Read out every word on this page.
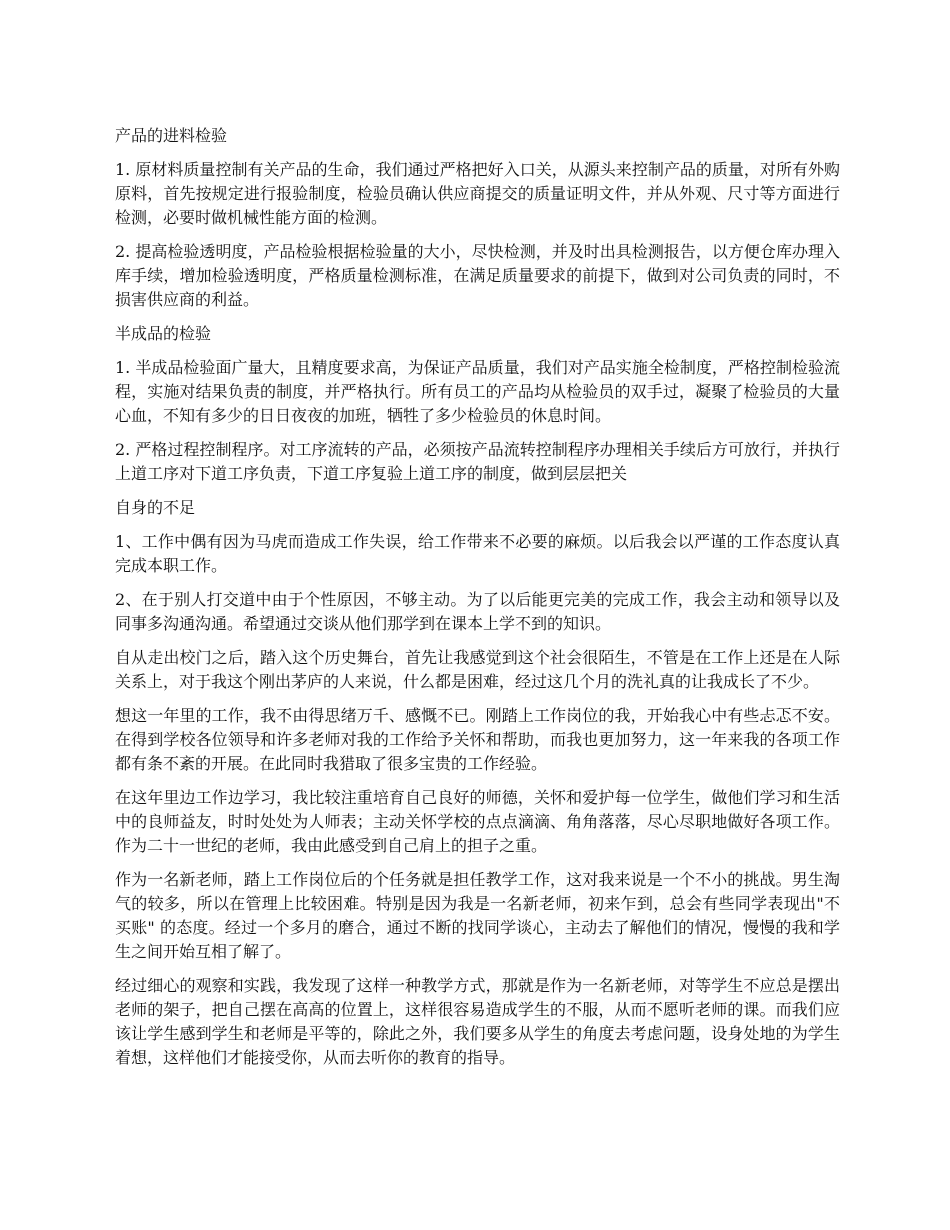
产品的进料检验

1. 原材料质量控制有关产品的生命，我们通过严格把好入口关，从源头来控制产品的质量，对所有外购原料，首先按规定进行报验制度，检验员确认供应商提交的质量证明文件，并从外观、尺寸等方面进行检测，必要时做机械性能方面的检测。

2. 提高检验透明度，产品检验根据检验量的大小，尽快检测，并及时出具检测报告，以方便仓库办理入库手续，增加检验透明度，严格质量检测标准，在满足质量要求的前提下，做到对公司负责的同时，不损害供应商的利益。

半成品的检验

1. 半成品检验面广量大，且精度要求高，为保证产品质量，我们对产品实施全检制度，严格控制检验流程，实施对结果负责的制度，并严格执行。所有员工的产品均从检验员的双手过，凝聚了检验员的大量心血，不知有多少的日日夜夜的加班，牺牲了多少检验员的休息时间。

2. 严格过程控制程序。对工序流转的产品，必须按产品流转控制程序办理相关手续后方可放行，并执行上道工序对下道工序负责，下道工序复验上道工序的制度，做到层层把关

自身的不足

1、工作中偶有因为马虎而造成工作失误，给工作带来不必要的麻烦。以后我会以严谨的工作态度认真完成本职工作。

2、在于别人打交道中由于个性原因，不够主动。为了以后能更完美的完成工作，我会主动和领导以及同事多沟通沟通。希望通过交谈从他们那学到在课本上学不到的知识。

自从走出校门之后，踏入这个历史舞台，首先让我感觉到这个社会很陌生，不管是在工作上还是在人际关系上，对于我这个刚出茅庐的人来说，什么都是困难，经过这几个月的洗礼真的让我成长了不少。

想这一年里的工作，我不由得思绪万千、感慨不已。刚踏上工作岗位的我，开始我心中有些忐忑不安。在得到学校各位领导和许多老师对我的工作给予关怀和帮助，而我也更加努力，这一年来我的各项工作都有条不紊的开展。在此同时我猎取了很多宝贵的工作经验。

在这年里边工作边学习，我比较注重培育自己良好的师德，关怀和爱护每一位学生，做他们学习和生活中的良师益友，时时处处为人师表；主动关怀学校的点点滴滴、角角落落，尽心尽职地做好各项工作。作为二十一世纪的老师，我由此感受到自己肩上的担子之重。

作为一名新老师，踏上工作岗位后的个任务就是担任教学工作，这对我来说是一个不小的挑战。男生淘气的较多，所以在管理上比较困难。特别是因为我是一名新老师，初来乍到，总会有些同学表现出"不买账" 的态度。经过一个多月的磨合，通过不断的找同学谈心，主动去了解他们的情况，慢慢的我和学生之间开始互相了解了。

经过细心的观察和实践，我发现了这样一种教学方式，那就是作为一名新老师，对等学生不应总是摆出老师的架子，把自己摆在高高的位置上，这样很容易造成学生的不服，从而不愿听老师的课。而我们应该让学生感到学生和老师是平等的，除此之外，我们要多从学生的角度去考虑问题，设身处地的为学生着想，这样他们才能接受你，从而去听你的教育的指导。
